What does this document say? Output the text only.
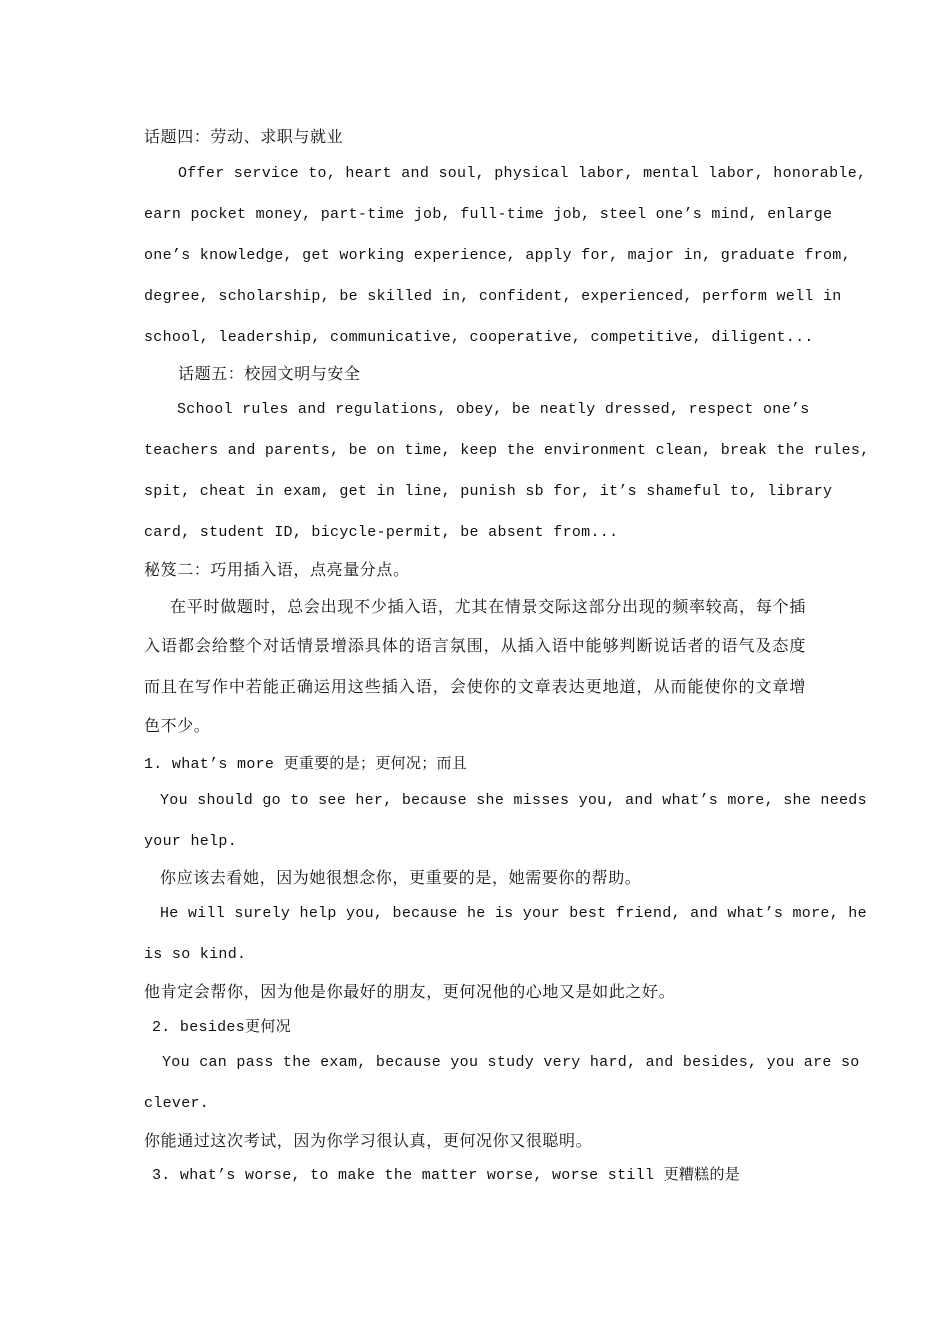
话题四：劳动、求职与就业
Offer service to, heart and soul, physical labor, mental labor, honorable,
earn pocket money, part-time job, full-time job, steel one’s mind, enlarge
one’s knowledge, get working experience, apply for, major in, graduate from,
degree, scholarship, be skilled in, confident, experienced, perform well in
school, leadership, communicative, cooperative, competitive, diligent...
话题五：校园文明与安全
School rules and regulations, obey, be neatly dressed, respect one’s
teachers and parents, be on time, keep the environment clean, break the rules,
spit, cheat in exam, get in line, punish sb for, it’s shameful to, library
card, student ID, bicycle-permit, be absent from...
秘笈二：巧用插入语，点亮量分点。
在平时做题时，总会出现不少插入语，尤其在情景交际这部分出现的频率较高，每个插
入语都会给整个对话情景增添具体的语言氛围，从插入语中能够判断说话者的语气及态度
而且在写作中若能正确运用这些插入语，会使你的文章表达更地道，从而能使你的文章增
色不少。
1. what’s more 更重要的是；更何况；而且
You should go to see her, because she misses you, and what’s more, she needs
your help.
你应该去看她，因为她很想念你，更重要的是，她需要你的帮助。
He will surely help you, because he is your best friend, and what’s more, he
is so kind.
他肯定会帮你，因为他是你最好的朋友，更何况他的心地又是如此之好。
2. besides更何况
You can pass the exam, because you study very hard, and besides, you are so
clever.
你能通过这次考试，因为你学习很认真，更何况你又很聪明。
3. what’s worse, to make the matter worse, worse still 更糟糕的是
